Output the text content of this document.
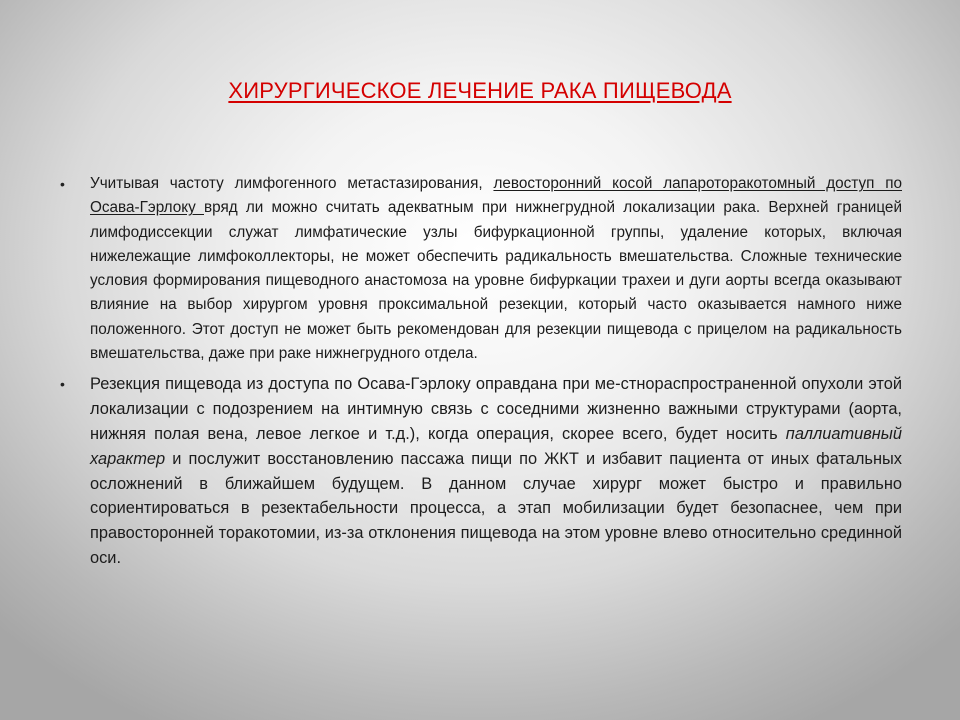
ХИРУРГИЧЕСКОЕ ЛЕЧЕНИЕ РАКА ПИЩЕВОДА
• Учитывая частоту лимфогенного метастазирования, левосторонний косой лапароторакотомный доступ по Осава-Гэрлоку вряд ли можно считать адекватным при нижнегрудной локализации рака. Верхней границей лимфодиссекции служат лимфатические узлы бифуркационной группы, удаление которых, включая нижележащие лимфоколлекторы, не может обеспечить радикальность вмешательства. Сложные технические условия формирования пищеводного анастомоза на уровне бифуркации трахеи и дуги аорты всегда оказывают влияние на выбор хирургом уровня проксимальной резекции, который часто оказывается намного ниже положенного. Этот доступ не может быть рекомендован для резекции пищевода с прицелом на радикальность вмешательства, даже при раке нижнегрудного отдела.
• Резекция пищевода из доступа по Осава-Гэрлоку оправдана при ме-стнораспространенной опухоли этой локализации с подозрением на интимную связь с соседними жизненно важными структурами (аорта, нижняя полая вена, левое легкое и т.д.), когда операция, скорее всего, будет носить паллиативный характер и послужит восстановлению пассажа пищи по ЖКТ и избавит пациента от иных фатальных осложнений в ближайшем будущем. В данном случае хирург может быстро и правильно сориентироваться в резектабельности процесса, а этап мобилизации будет безопаснее, чем при правосторонней торакотомии, из-за отклонения пищевода на этом уровне влево относительно срединной оси.
